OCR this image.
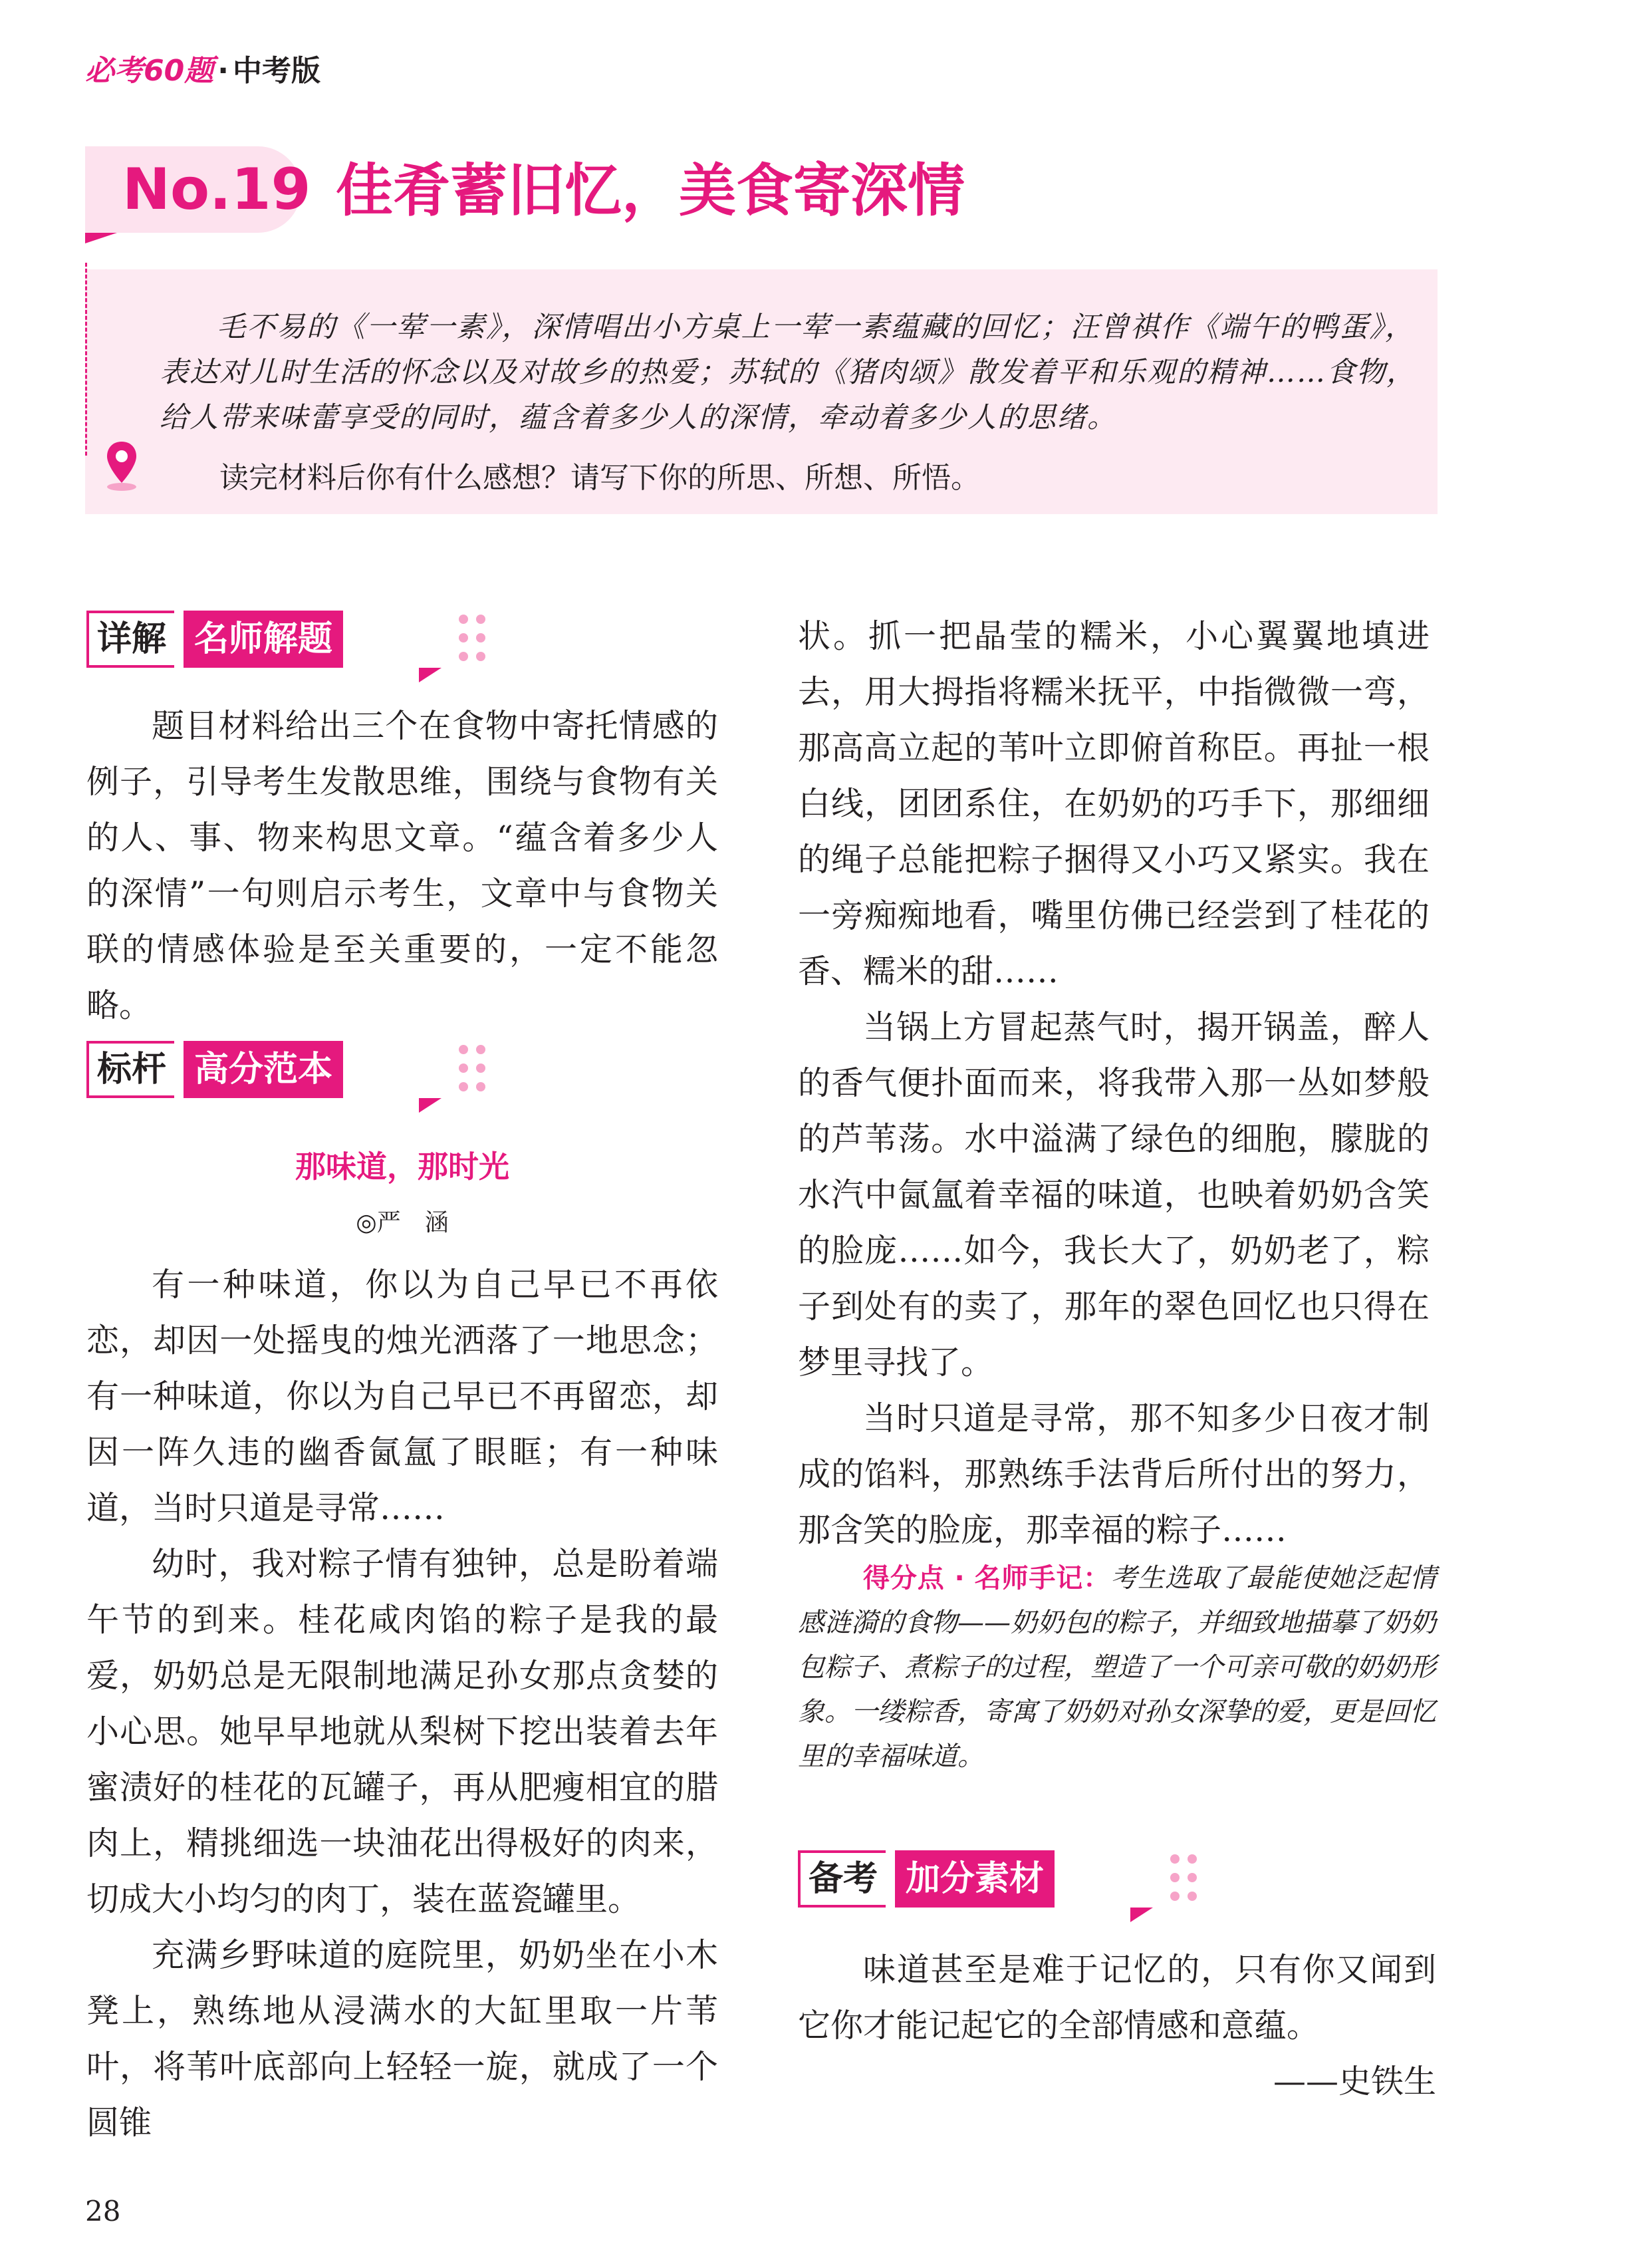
必考60题 · 中考版
No.19 佳肴蓄旧忆，美食寄深情

毛不易的《一荤一素》，深情唱出小方桌上一荤一素蕴藏的回忆；汪曾祺作《端午的鸭蛋》，表达对儿时生活的怀念以及对故乡的热爱；苏轼的《猪肉颂》散发着平和乐观的精神……食物，给人带来味蕾享受的同时，蕴含着多少人的深情，牵动着多少人的思绪。

读完材料后你有什么感想？请写下你的所思、所想、所悟。
详解 名师解题

题目材料给出三个在食物中寄托情感的例子，引导考生发散思维，围绕与食物有关的人、事、物来构思文章。“蕴含着多少人的深情”一句则启示考生，文章中与食物关联的情感体验是至关重要的，一定不能忽略。

标杆 高分范本
那味道，那时光
◎严　涵

有一种味道，你以为自己早已不再依恋，却因一处摇曳的烛光洒落了一地思念；有一种味道，你以为自己早已不再留恋，却因一阵久违的幽香氤氲了眼眶；有一种味道，当时只道是寻常……

幼时，我对粽子情有独钟，总是盼着端午节的到来。桂花咸肉馅的粽子是我的最爱，奶奶总是无限制地满足孙女那点贪婪的小心思。她早早地就从梨树下挖出装着去年蜜渍好的桂花的瓦罐子，再从肥瘦相宜的腊肉上，精挑细选一块油花出得极好的肉来，切成大小均匀的肉丁，装在蓝瓷罐里。

充满乡野味道的庭院里，奶奶坐在小木凳上，熟练地从浸满水的大缸里取一片苇叶，将苇叶底部向上轻轻一旋，就成了一个圆锥

状。抓一把晶莹的糯米，小心翼翼地填进去，用大拇指将糯米抚平，中指微微一弯，那高高立起的苇叶立即俯首称臣。再扯一根白线，团团系住，在奶奶的巧手下，那细细的绳子总能把粽子捆得又小巧又紧实。我在一旁痴痴地看，嘴里仿佛已经尝到了桂花的香、糯米的甜……

当锅上方冒起蒸气时，揭开锅盖，醉人的香气便扑面而来，将我带入那一丛如梦般的芦苇荡。水中溢满了绿色的细胞，朦胧的水汽中氤氲着幸福的味道，也映着奶奶含笑的脸庞……如今，我长大了，奶奶老了，粽子到处有的卖了，那年的翠色回忆也只得在梦里寻找了。

当时只道是寻常，那不知多少日夜才制成的馅料，那熟练手法背后所付出的努力，那含笑的脸庞，那幸福的粽子……

得分点 · 名师手记：考生选取了最能使她泛起情感涟漪的食物——奶奶包的粽子，并细致地描摹了奶奶包粽子、煮粽子的过程，塑造了一个可亲可敬的奶奶形象。一缕粽香，寄寓了奶奶对孙女深挚的爱，更是回忆里的幸福味道。
备考 加分素材

味道甚至是难于记忆的，只有你又闻到它你才能记起它的全部情感和意蕴。

——史铁生
28
